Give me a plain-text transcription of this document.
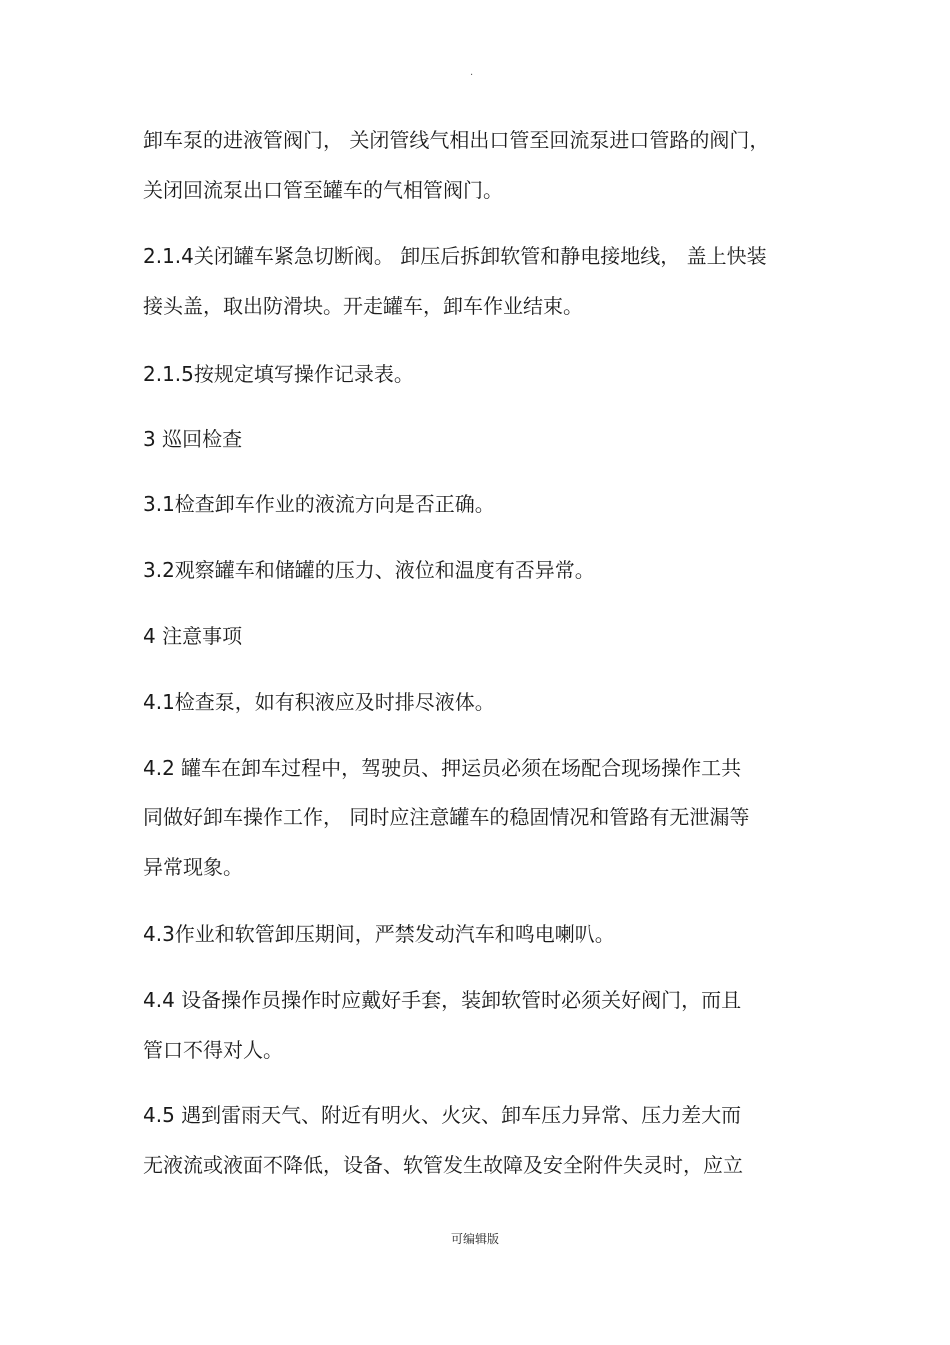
·
卸车泵的进液管阀门， 关闭管线气相出口管至回流泵进口管路的阀门，
关闭回流泵出口管至罐车的气相管阀门。
2.1.4关闭罐车紧急切断阀。 卸压后拆卸软管和静电接地线， 盖上快装
接头盖，取出防滑块。开走罐车，卸车作业结束。
2.1.5按规定填写操作记录表。
3 巡回检查
3.1检查卸车作业的液流方向是否正确。
3.2观察罐车和储罐的压力、液位和温度有否异常。
4 注意事项
4.1检查泵，如有积液应及时排尽液体。
4.2 罐车在卸车过程中，驾驶员、押运员必须在场配合现场操作工共
同做好卸车操作工作， 同时应注意罐车的稳固情况和管路有无泄漏等
异常现象。
4.3作业和软管卸压期间，严禁发动汽车和鸣电喇叭。
4.4 设备操作员操作时应戴好手套，装卸软管时必须关好阀门，而且
管口不得对人。
4.5 遇到雷雨天气、附近有明火、火灾、卸车压力异常、压力差大而
无液流或液面不降低，设备、软管发生故障及安全附件失灵时，应立
可编辑版
